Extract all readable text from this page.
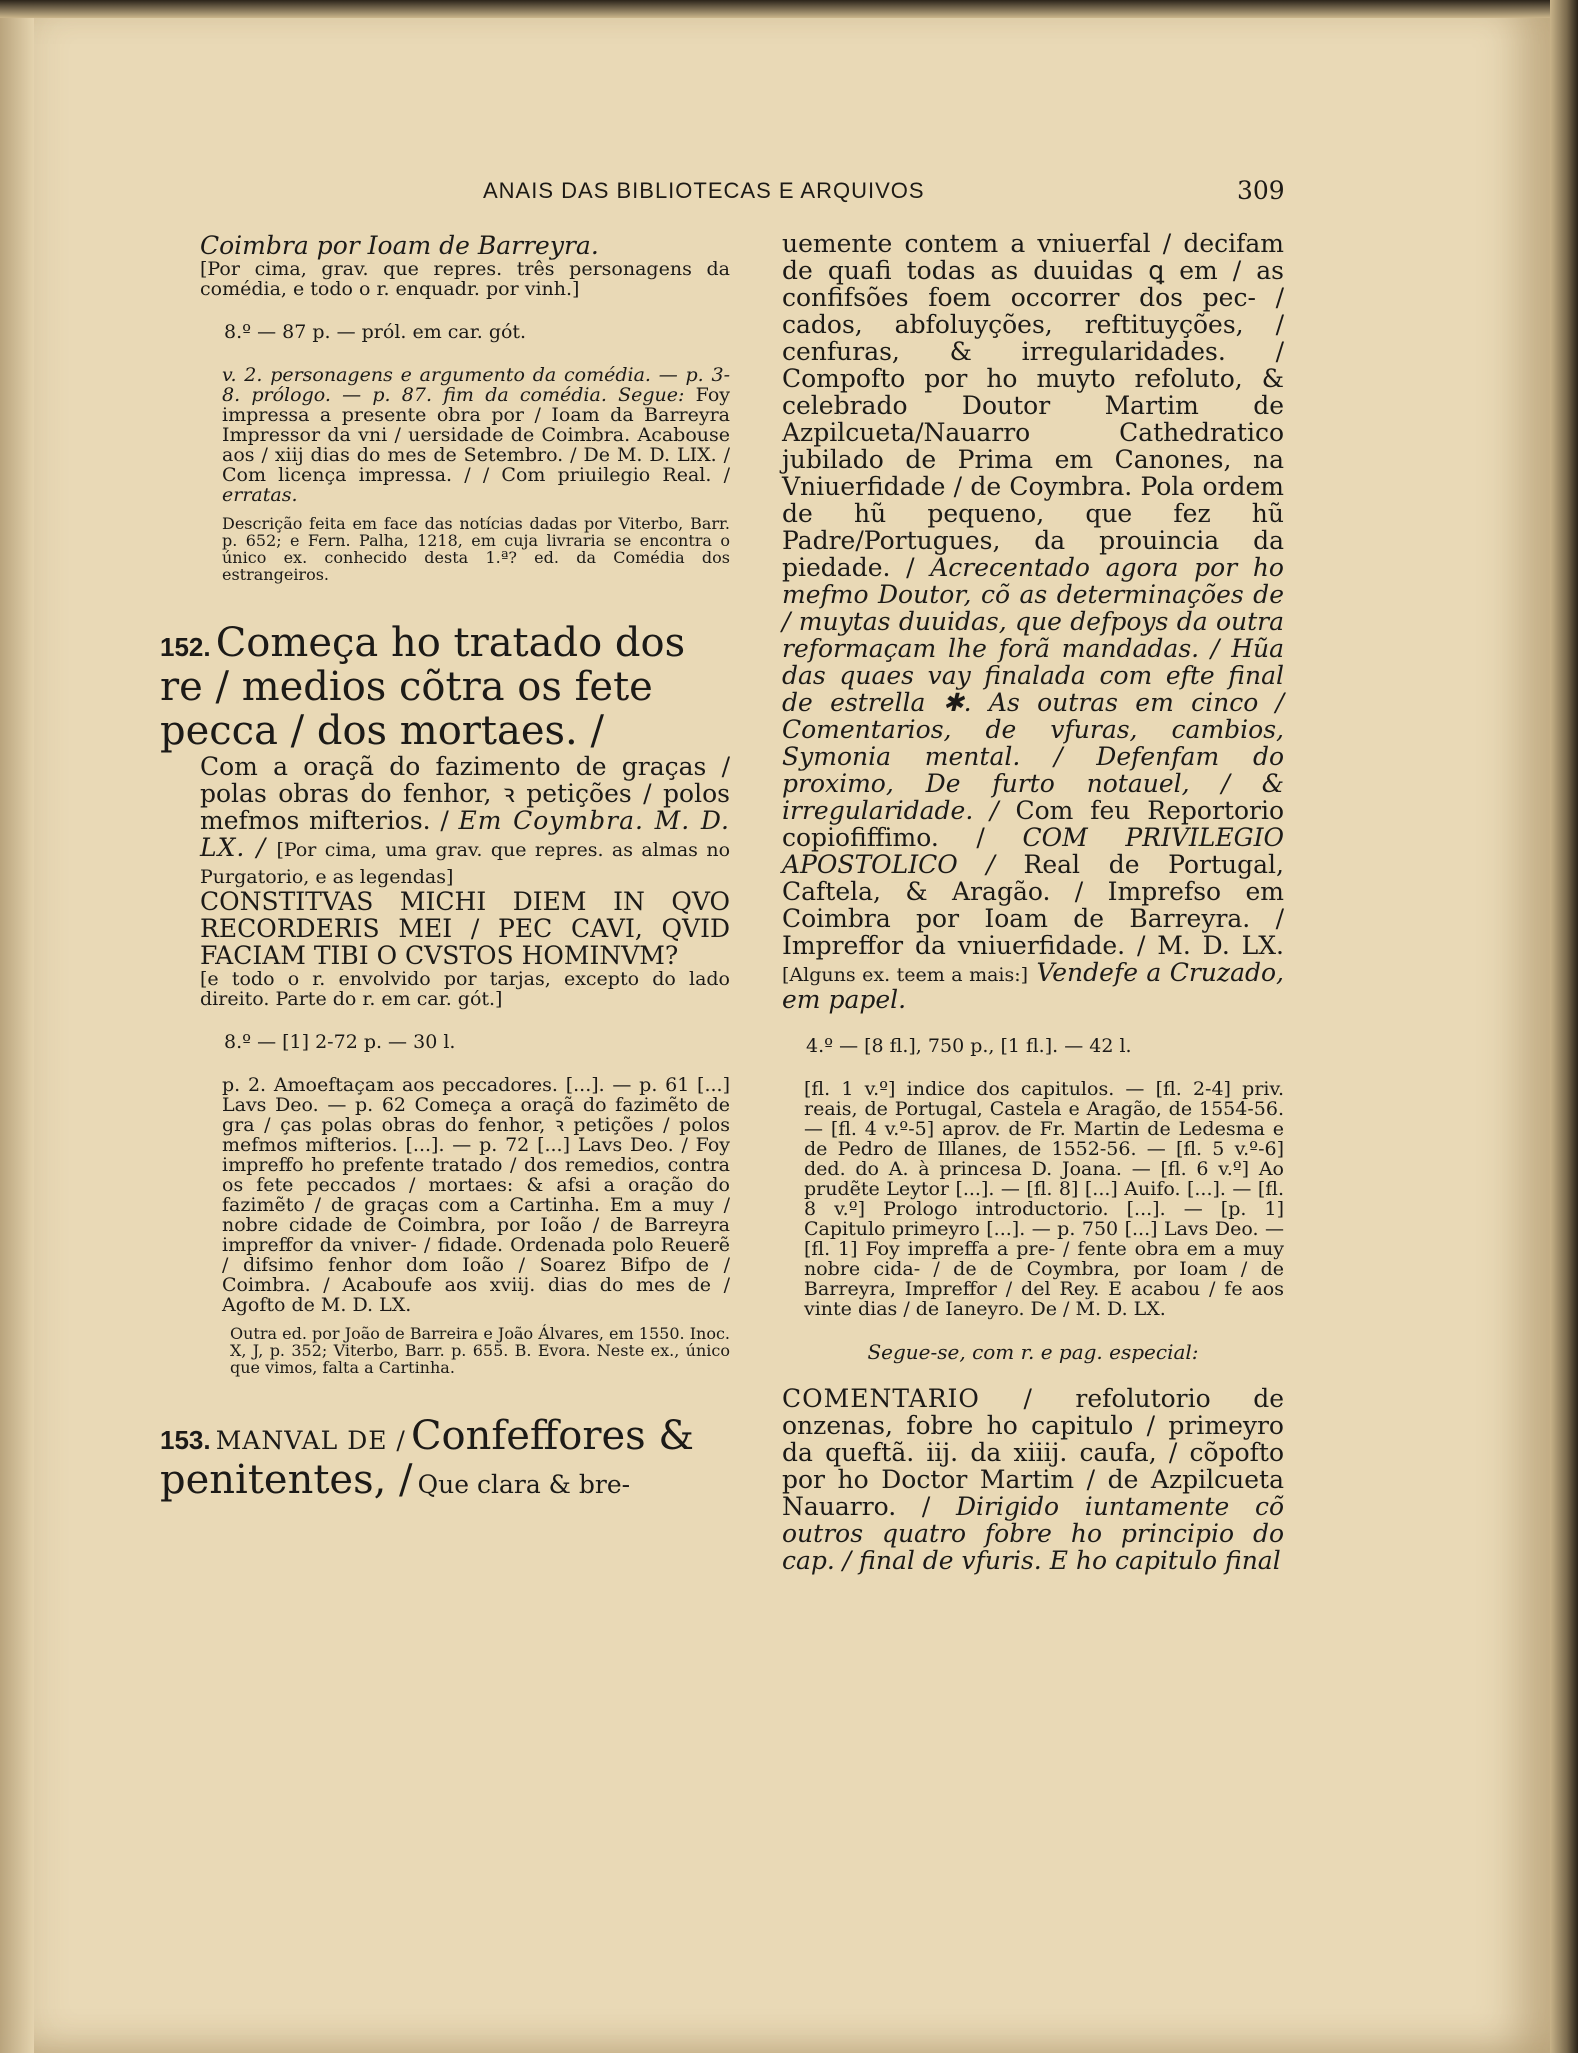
ANAIS DAS BIBLIOTECAS E ARQUIVOS	309

Coimbra por Ioam de Barreyra.

[Por cima, grav. que repres. três personagens da comédia, e todo o r. enquadr. por vinh.]

8.º — 87 p. — pról. em car. gót.

v. 2. personagens e argumento da comédia. — p. 3-8. prólogo. — p. 87. fim da comédia. Segue: Foy impressa a presente obra por / Ioam da Barreyra Impressor da vni / uersidade de Coimbra. Acabouse aos / xiij dias do mes de Setembro. / De M. D. LIX. / Com licença impressa. / / Com priuilegio Real. / erratas.

Descrição feita em face das notícias dadas por Viterbo, Barr. p. 652; e Fern. Palha, 1218, em cuja livraria se encontra o único ex. conhecido desta 1.ª? ed. da Comédia dos estrangeiros.

152. Começa ho tratado dos re / medios cõtra os fete pecca / dos mortaes. /

Com a oraçã do fazimento de graças / polas obras do fenhor, ꝛ petições / polos mefmos mifterios. / Em Coymbra. M. D. LX. / [Por cima, uma grav. que repres. as almas no Purgatorio, e as legendas]

CONSTITVAS MICHI DIEM IN QVO RECORDERIS MEI / PEC CAVI, QVID FACIAM TIBI O CVSTOS HOMINVM?

[e todo o r. envolvido por tarjas, excepto do lado direito. Parte do r. em car. gót.]

8.º — [1] 2-72 p. — 30 l.

p. 2. Amoeftaçam aos peccadores. [...]. — p. 61 [...] Lavs Deo. — p. 62 Começa a oraçã do fazimẽto de gra / ças polas obras do fenhor, ꝛ petições / polos mefmos mifterios. [...]. — p. 72 [...] Lavs Deo. / Foy impreffo ho prefente tratado / dos remedios, contra os fete peccados / mortaes: & afsi a oração do fazimẽto / de graças com a Cartinha. Em a muy / nobre cidade de Coimbra, por Ioão / de Barreyra impreffor da vniver- / fidade. Ordenada polo Reuerẽ / difsimo fenhor dom Ioão / Soarez Bifpo de / Coimbra. / Acaboufe aos xviij. dias do mes de / Agofto de M. D. LX.

Outra ed. por João de Barreira e João Álvares, em 1550. Inoc. X, J, p. 352; Viterbo, Barr. p. 655. B. Evora. Neste ex., único que vimos, falta a Cartinha.

153. MANVAL DE / Confeffores & penitentes, / Que clara & bre-

uemente contem a vniuerfal / decifam de quafi todas as duuidas ꝗ em / as confifsões foem occorrer dos pec- / cados, abfoluyções, reftituyções, / cenfuras, & irregularidades. / Compofto por ho muyto refoluto, & celebrado Doutor Martim de Azpilcueta/Nauarro Cathedratico jubilado de Prima em Canones, na Vniuerfidade / de Coymbra. Pola ordem de hũ pequeno, que fez hũ Padre/Portugues, da prouincia da piedade. / Acrecentado agora por ho mefmo Doutor, cõ as determinações de / muytas duuidas, que defpoys da outra reformaçam lhe forã mandadas. / Hũa das quaes vay finalada com efte final de estrella ✱. As outras em cinco / Comentarios, de vfuras, cambios, Symonia mental. / Defenfam do proximo, De furto notauel, / & irregularidade. / Com feu Reportorio copiofiffimo. / COM PRIVILEGIO APOSTOLICO / Real de Portugal, Caftela, & Aragão. / Imprefso em Coimbra por Ioam de Barreyra. / Impreffor da vniuerfidade. / M. D. LX. [Alguns ex. teem a mais:] Vendefe a Cruzado, em papel.

4.º — [8 fl.], 750 p., [1 fl.]. — 42 l.

[fl. 1 v.º] indice dos capitulos. — [fl. 2-4] priv. reais, de Portugal, Castela e Aragão, de 1554-56. — [fl. 4 v.º-5] aprov. de Fr. Martin de Ledesma e de Pedro de Illanes, de 1552-56. — [fl. 5 v.º-6] ded. do A. à princesa D. Joana. — [fl. 6 v.º] Ao prudẽte Leytor [...]. — [fl. 8] [...] Auifo. [...]. — [fl. 8 v.º] Prologo introductorio. [...]. — [p. 1] Capitulo primeyro [...]. — p. 750 [...] Lavs Deo. — [fl. 1] Foy impreffa a pre- / fente obra em a muy nobre cida- / de de Coymbra, por Ioam / de Barreyra, Impreffor / del Rey. E acabou / fe aos vinte dias / de Ianeyro. De / M. D. LX.

Segue-se, com r. e pag. especial:

COMENTARIO / refolutorio de onzenas, fobre ho capitulo / primeyro da queftã. iij. da xiiij. caufa, / cõpofto por ho Doctor Martim / de Azpilcueta Nauarro. / Dirigido iuntamente cõ outros quatro fobre ho principio do cap. / final de vfuris. E ho capitulo final
